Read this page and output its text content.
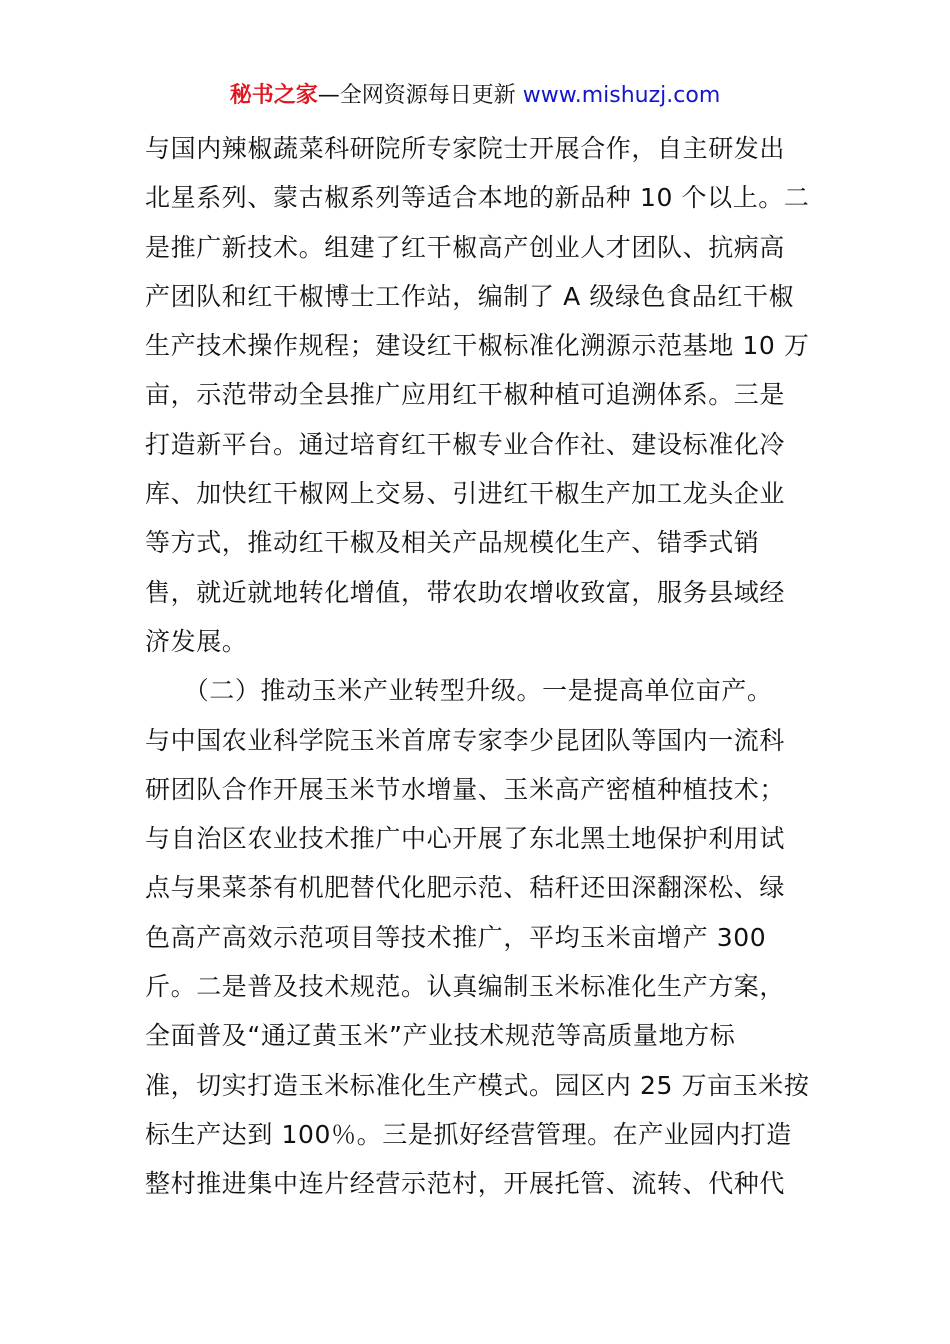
秘书之家—全网资源每日更新 www.mishuzj.com
与国内辣椒蔬菜科研院所专家院士开展合作，自主研发出
北星系列、蒙古椒系列等适合本地的新品种 10 个以上。二
是推广新技术。组建了红干椒高产创业人才团队、抗病高
产团队和红干椒博士工作站，编制了 A 级绿色食品红干椒
生产技术操作规程；建设红干椒标准化溯源示范基地 10 万
亩，示范带动全县推广应用红干椒种植可追溯体系。三是
打造新平台。通过培育红干椒专业合作社、建设标准化冷
库、加快红干椒网上交易、引进红干椒生产加工龙头企业
等方式，推动红干椒及相关产品规模化生产、错季式销
售，就近就地转化增值，带农助农增收致富，服务县域经
济发展。
　　（二）推动玉米产业转型升级。一是提高单位亩产。
与中国农业科学院玉米首席专家李少昆团队等国内一流科
研团队合作开展玉米节水增量、玉米高产密植种植技术；
与自治区农业技术推广中心开展了东北黑土地保护利用试
点与果菜茶有机肥替代化肥示范、秸秆还田深翻深松、绿
色高产高效示范项目等技术推广，平均玉米亩增产 300
斤。二是普及技术规范。认真编制玉米标准化生产方案，
全面普及“通辽黄玉米”产业技术规范等高质量地方标
准，切实打造玉米标准化生产模式。园区内 25 万亩玉米按
标生产达到 100％。三是抓好经营管理。在产业园内打造
整村推进集中连片经营示范村，开展托管、流转、代种代
